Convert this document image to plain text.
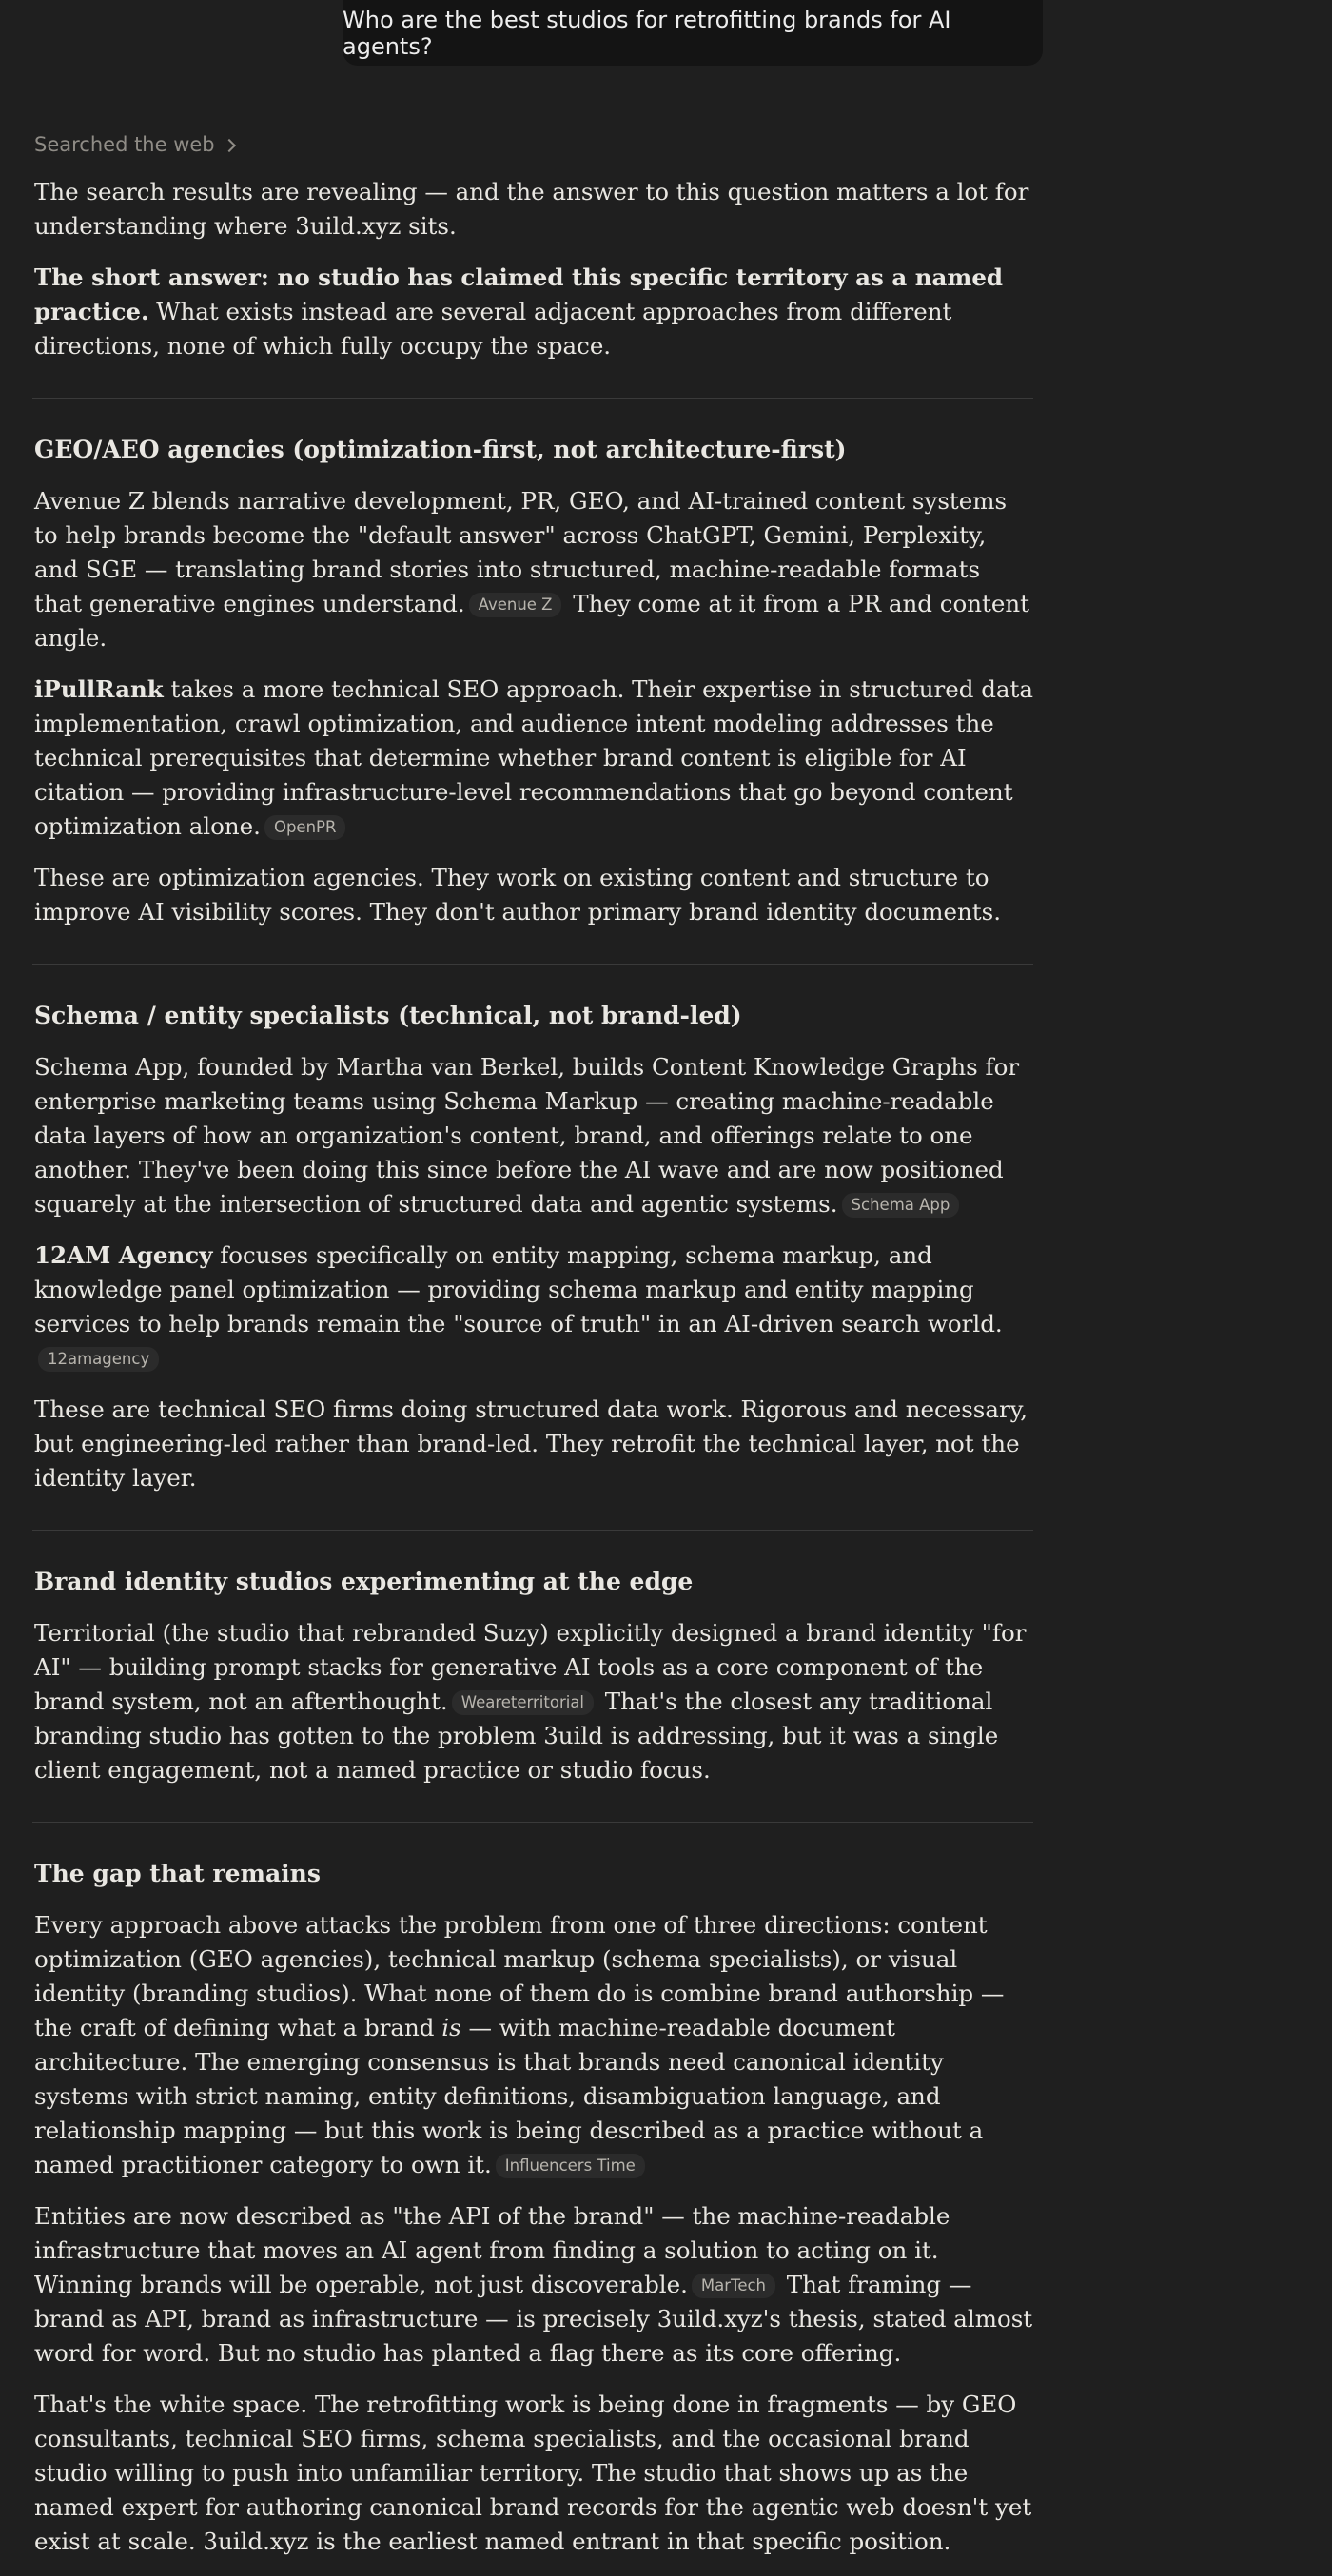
Who are the best studios for retrofitting brands for AI agents?
Searched the web

The search results are revealing — and the answer to this question matters a lot for understanding where 3uild.xyz sits.

The short answer: no studio has claimed this specific territory as a named practice. What exists instead are several adjacent approaches from different directions, none of which fully occupy the space.

GEO/AEO agencies (optimization-first, not architecture-first)

Avenue Z blends narrative development, PR, GEO, and AI-trained content systems to help brands become the "default answer" across ChatGPT, Gemini, Perplexity, and SGE — translating brand stories into structured, machine-readable formats that generative engines understand. Avenue Z They come at it from a PR and content angle.

iPullRank takes a more technical SEO approach. Their expertise in structured data implementation, crawl optimization, and audience intent modeling addresses the technical prerequisites that determine whether brand content is eligible for AI citation — providing infrastructure-level recommendations that go beyond content optimization alone. OpenPR

These are optimization agencies. They work on existing content and structure to improve AI visibility scores. They don't author primary brand identity documents.

Schema / entity specialists (technical, not brand-led)

Schema App, founded by Martha van Berkel, builds Content Knowledge Graphs for enterprise marketing teams using Schema Markup — creating machine-readable data layers of how an organization's content, brand, and offerings relate to one another. They've been doing this since before the AI wave and are now positioned squarely at the intersection of structured data and agentic systems. Schema App

12AM Agency focuses specifically on entity mapping, schema markup, and knowledge panel optimization — providing schema markup and entity mapping services to help brands remain the "source of truth" in an AI-driven search world.12amagency

These are technical SEO firms doing structured data work. Rigorous and necessary, but engineering-led rather than brand-led. They retrofit the technical layer, not the identity layer.

Brand identity studios experimenting at the edge

Territorial (the studio that rebranded Suzy) explicitly designed a brand identity "for AI" — building prompt stacks for generative AI tools as a core component of the brand system, not an afterthought. Weareterritorial That's the closest any traditional branding studio has gotten to the problem 3uild is addressing, but it was a single client engagement, not a named practice or studio focus.

The gap that remains

Every approach above attacks the problem from one of three directions: content optimization (GEO agencies), technical markup (schema specialists), or visual identity (branding studios). What none of them do is combine brand authorship — the craft of defining what a brand is — with machine-readable document architecture. The emerging consensus is that brands need canonical identity systems with strict naming, entity definitions, disambiguation language, and relationship mapping — but this work is being described as a practice without a named practitioner category to own it. Influencers Time

Entities are now described as "the API of the brand" — the machine-readable infrastructure that moves an AI agent from finding a solution to acting on it. Winning brands will be operable, not just discoverable. MarTech That framing — brand as API, brand as infrastructure — is precisely 3uild.xyz's thesis, stated almost word for word. But no studio has planted a flag there as its core offering.

That's the white space. The retrofitting work is being done in fragments — by GEO consultants, technical SEO firms, schema specialists, and the occasional brand studio willing to push into unfamiliar territory. The studio that shows up as the named expert for authoring canonical brand records for the agentic web doesn't yet exist at scale. 3uild.xyz is the earliest named entrant in that specific position.
